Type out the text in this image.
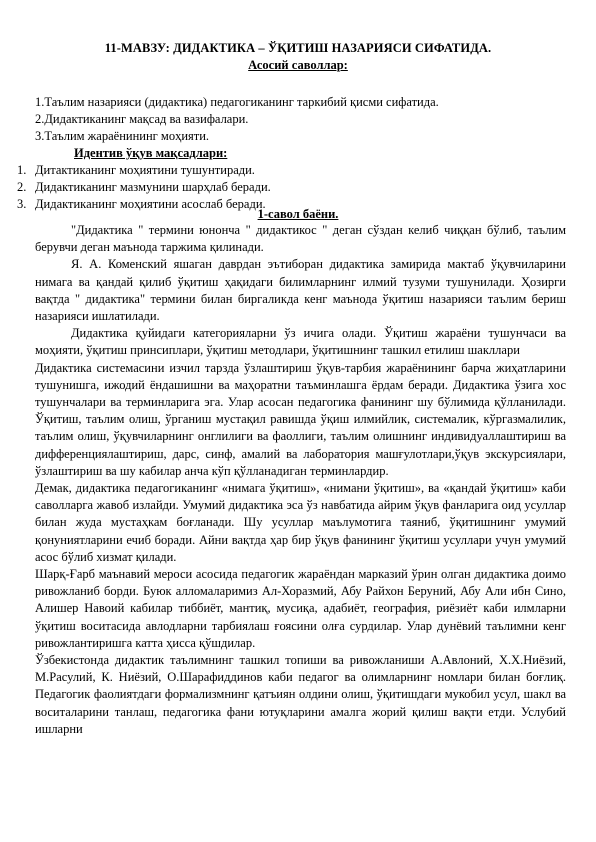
11-МАВЗУ: ДИДАКТИКА – ЎҚИТИШ НАЗАРИЯСИ СИФАТИДА.
Асосий саволлар:
1.Таълим назарияси (дидактика) педагогиканинг таркибий қисми сифатида.
2.Дидактиканинг мақсад ва вазифалари.
3.Таълим жараёнининг моҳияти.
Идентив ўқув мақсадлари:
1. Дитактиканинг моҳиятини тушунтиради.
2. Дидактиканинг мазмунини шарҳлаб беради.
3. Дидактиканинг моҳиятини асослаб беради.
1-савол баёни.

"Дидактика " термини юнонча " дидактикос " деган сўздан келиб чиққан бўлиб, таълим берувчи деган маънода таржима қилинади.

Я. А. Коменский яшаган даврдан эътиборан дидактика замирида мактаб ўқувчиларини нимага ва қандай қилиб ўқитиш ҳақидаги билимларнинг илмий тузуми тушунилади. Ҳозирги вақтда " дидактика" термини билан биргаликда кенг маънода ўқитиш назарияси таълим бериш назарияси ишлатилади.

Дидактика қуйидаги категорияларни ўз ичига олади. Ўқитиш жараёни тушунчаси ва моҳияти, ўқитиш принсиплари, ўқитиш методлари, ўқитишнинг ташкил етилиш шакллари

Дидактика системасини изчил тарзда ўзлаштириш ўқув-тарбия жараёнининг барча жиҳатларини тушунишга, ижодий ёндашишни ва маҳоратни таъминлашга ёрдам беради. Дидактика ўзига хос тушунчалари ва терминларига эга. Улар асосан педагогика фанининг шу бўлимида қўлланилади. Ўқитиш, таълим олиш, ўрганиш мустақил равишда ўқиш илмийлик, системалик, кўргазмалилик, таълим олиш, ўқувчиларнинг онглилиги ва фаоллиги, таълим олишнинг индивидуаллаштириш ва дифференциялаштириш, дарс, синф, амалий ва лаборатория машғулотлари,ўқув экскурсиялари, ўзлаштириш ва шу кабилар анча кўп қўлланадиган терминлардир.

Демак, дидактика педагогиканинг «нимага ўқитиш», «нимани ўқитиш», ва «қандай ўқитиш» каби саволларга жавоб излайди. Умумий дидактика эса ўз навбатида айрим ўқув фанларига оид усуллар билан жуда мустаҳкам боғланади. Шу усуллар маълумотига таяниб, ўқитишнинг умумий қонуниятларини ечиб боради. Айни вақтда ҳар бир ўқув фанининг ўқитиш усуллари учун умумий асос бўлиб хизмат қилади.

Шарқ-Ғарб маънавий мероси асосида педагогик жараёндан марказий ўрин олган дидактика доимо ривожланиб борди. Буюк алломаларимиз Ал-Хоразмий, Абу Райхон Беруний, Абу Али ибн Сино, Алишер Навоий кабилар тиббиёт, мантиқ, мусиқа, адабиёт, география, риёзиёт каби илмларни ўқитиш воситасида авлодларни тарбиялаш ғоясини олға сурдилар. Улар дунёвий таълимни кенг ривожлантиришга катта ҳисса қўшдилар.

Ўзбекистонда дидактик таълимнинг ташкил топиши ва ривожланиши А.Авлоний, Х.Х.Ниёзий, М.Расулий, К. Ниёзий, О.Шарафиддинов каби педагог ва олимларнинг номлари билан боғлиқ. Педагогик фаолиятдаги формализмнинг қатъиян олдини олиш, ўқитишдаги мукобил усул, шакл ва воситаларини танлаш, педагогика фани ютуқларини амалга жорий қилиш вақти етди. Услубий ишларни
